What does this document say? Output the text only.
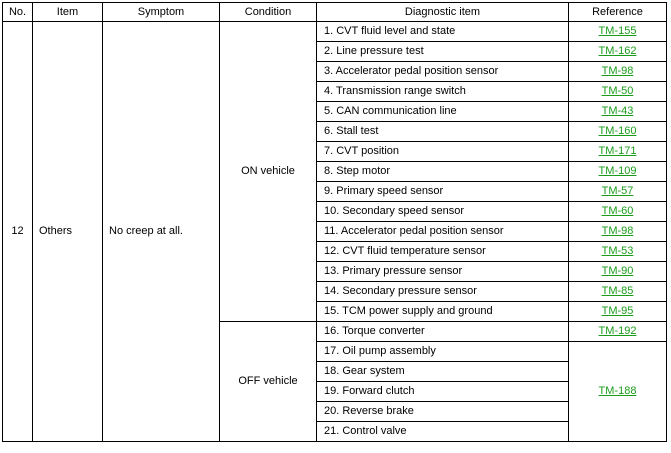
No.	Item	Symptom	Condition	Diagnostic item	Reference
12	Others	No creep at all.	ON vehicle	1. CVT fluid level and state	TM-155
				2. Line pressure test	TM-162
				3. Accelerator pedal position sensor	TM-98
				4. Transmission range switch	TM-50
				5. CAN communication line	TM-43
				6. Stall test	TM-160
				7. CVT position	TM-171
				8. Step motor	TM-109
				9. Primary speed sensor	TM-57
				10. Secondary speed sensor	TM-60
				11. Accelerator pedal position sensor	TM-98
				12. CVT fluid temperature sensor	TM-53
				13. Primary pressure sensor	TM-90
				14. Secondary pressure sensor	TM-85
				15. TCM power supply and ground	TM-95
			OFF vehicle	16. Torque converter	TM-192
				17. Oil pump assembly	TM-188
				18. Gear system	
				19. Forward clutch	
				20. Reverse brake	
				21. Control valve	
